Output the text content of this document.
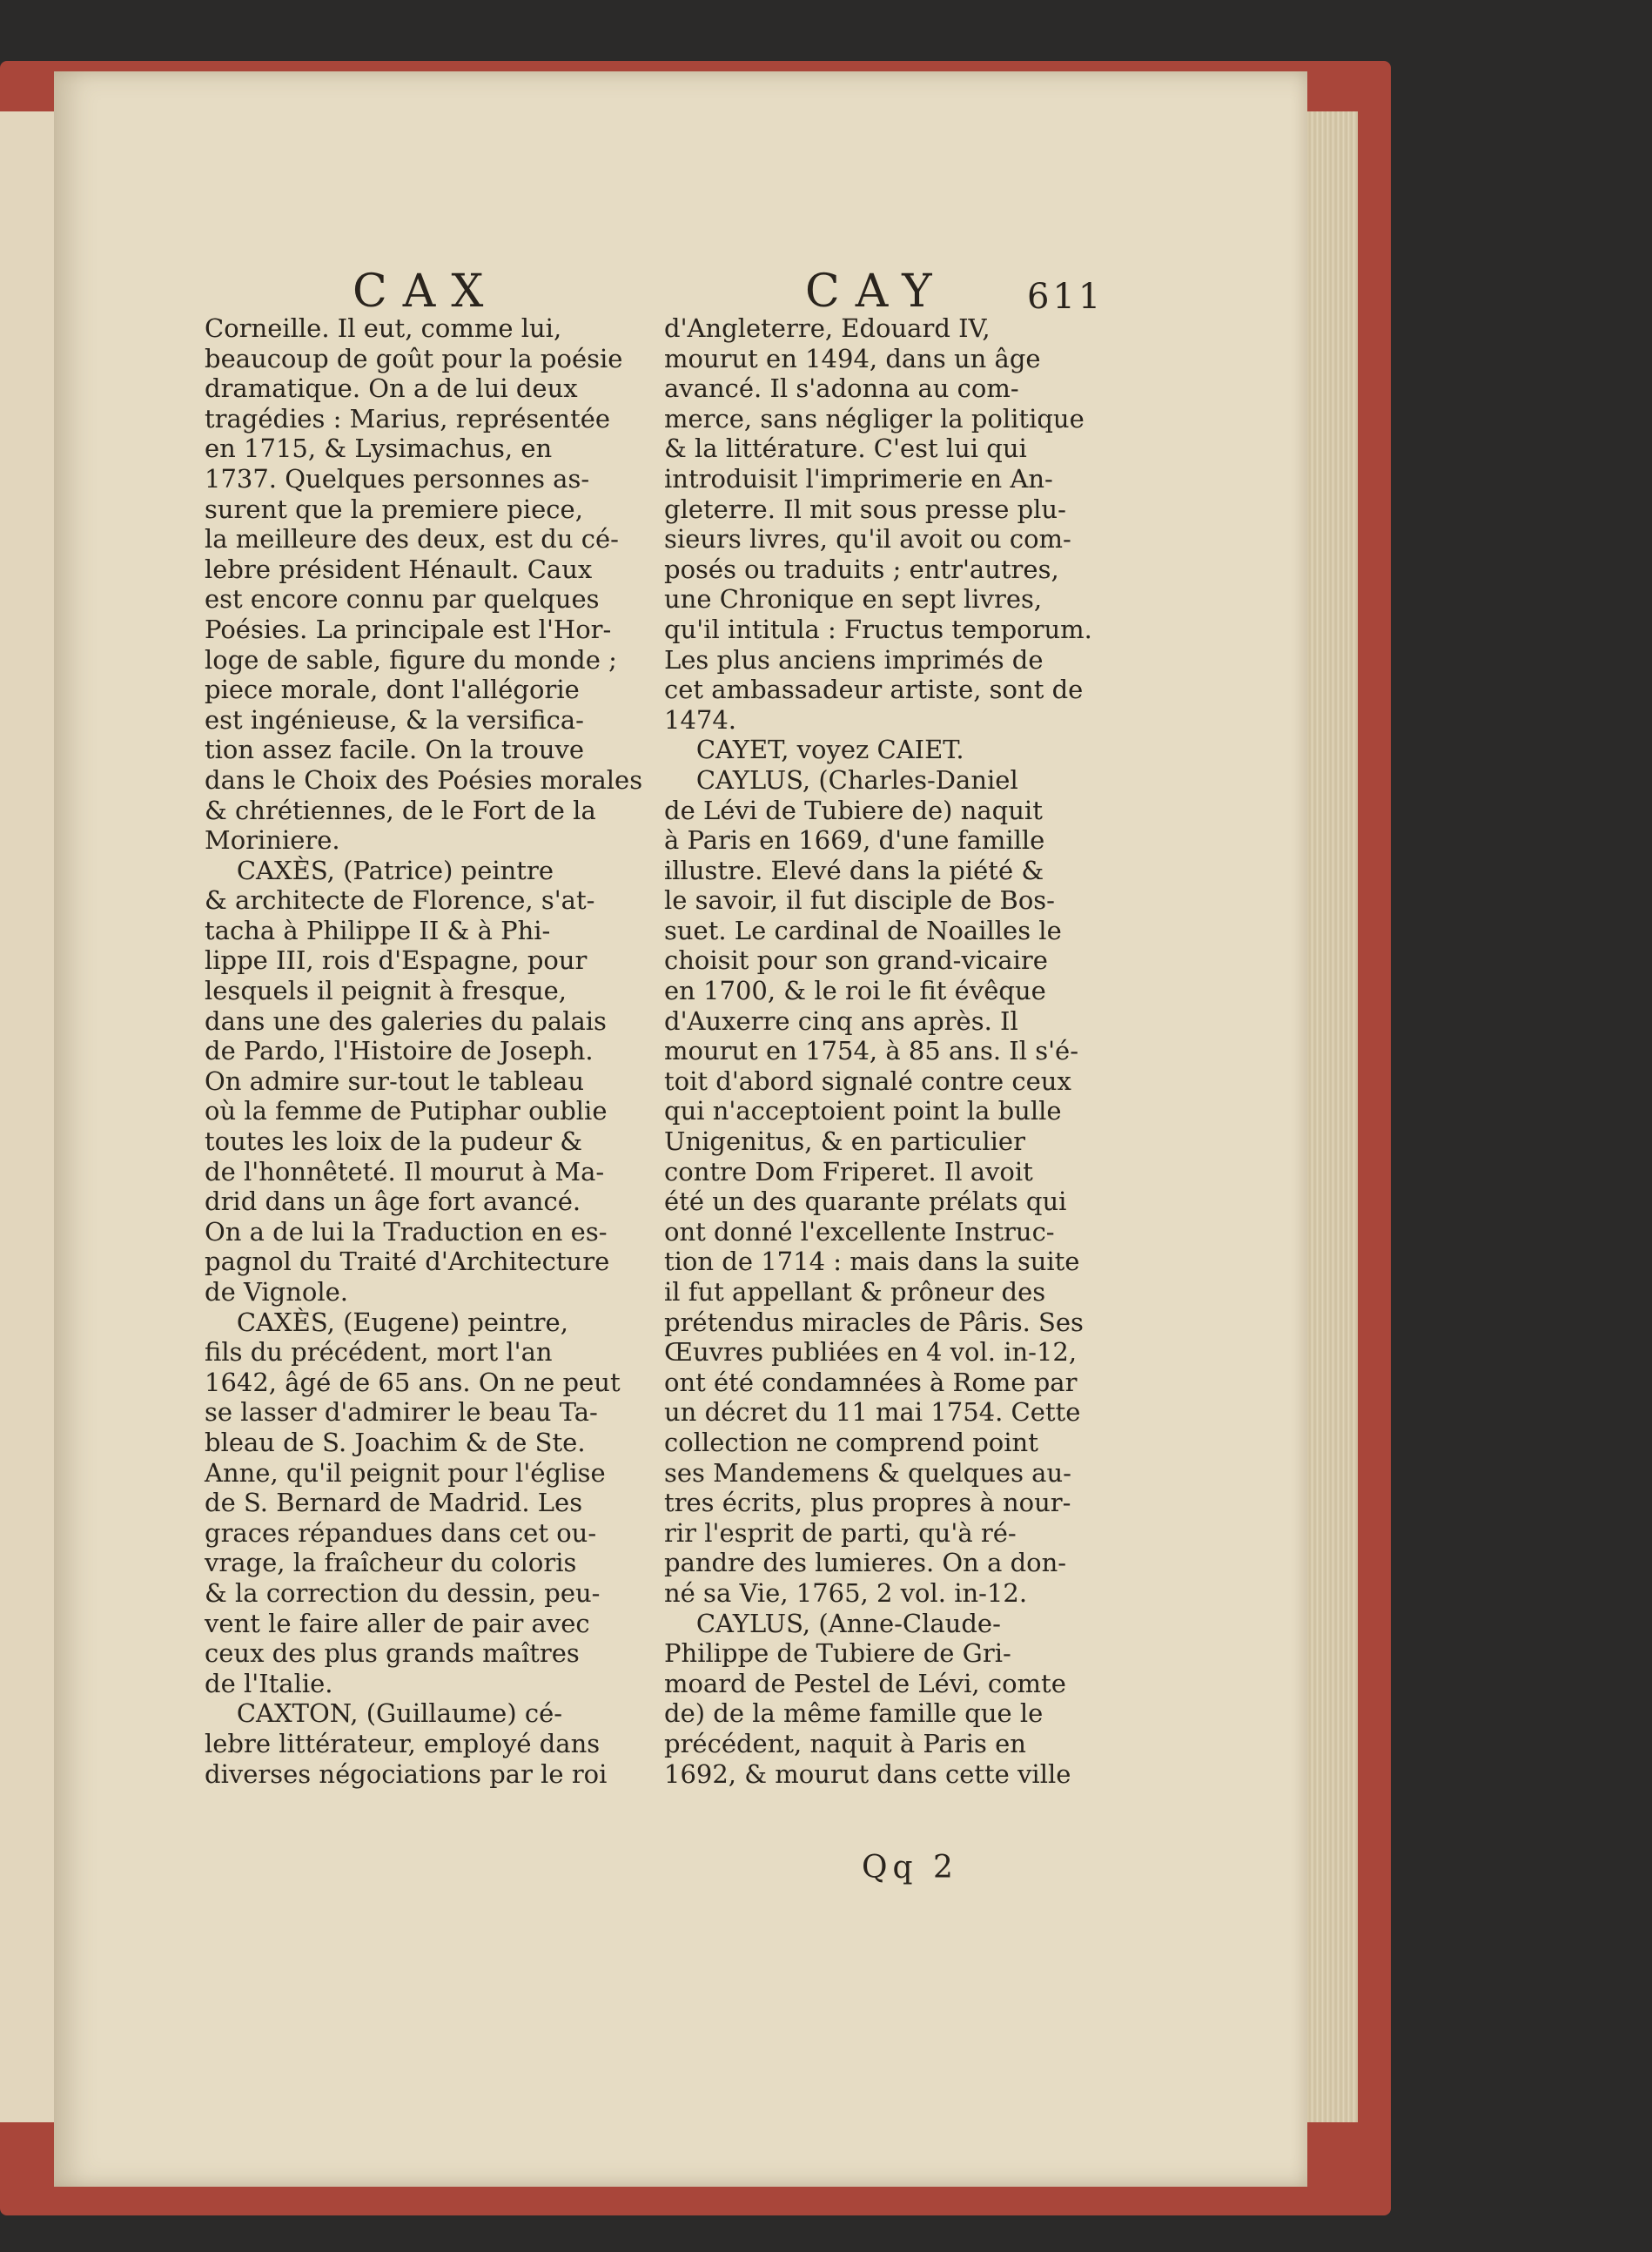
CAX	CAY 611
Corneille. Il eut, comme lui,
beaucoup de goût pour la poésie
dramatique. On a de lui deux
tragédies : Marius, représentée
en 1715, & Lysimachus, en
1737. Quelques personnes as-
surent que la premiere piece,
la meilleure des deux, est du cé-
lebre président Hénault. Caux
est encore connu par quelques
Poésies. La principale est l'Hor-
loge de sable, figure du monde ;
piece morale, dont l'allégorie
est ingénieuse, & la versifica-
tion assez facile. On la trouve
dans le Choix des Poésies morales
& chrétiennes, de le Fort de la
Moriniere.
CAXÈS, (Patrice) peintre
& architecte de Florence, s'at-
tacha à Philippe II & à Phi-
lippe III, rois d'Espagne, pour
lesquels il peignit à fresque,
dans une des galeries du palais
de Pardo, l'Histoire de Joseph.
On admire sur-tout le tableau
où la femme de Putiphar oublie
toutes les loix de la pudeur &
de l'honnêteté. Il mourut à Ma-
drid dans un âge fort avancé.
On a de lui la Traduction en es-
pagnol du Traité d'Architecture
de Vignole.
CAXÈS, (Eugene) peintre,
fils du précédent, mort l'an
1642, âgé de 65 ans. On ne peut
se lasser d'admirer le beau Ta-
bleau de S. Joachim & de Ste.
Anne, qu'il peignit pour l'église
de S. Bernard de Madrid. Les
graces répandues dans cet ou-
vrage, la fraîcheur du coloris
& la correction du dessin, peu-
vent le faire aller de pair avec
ceux des plus grands maîtres
de l'Italie.
CAXTON, (Guillaume) cé-
lebre littérateur, employé dans
diverses négociations par le roi
d'Angleterre, Edouard IV,
mourut en 1494, dans un âge
avancé. Il s'adonna au com-
merce, sans négliger la politique
& la littérature. C'est lui qui
introduisit l'imprimerie en An-
gleterre. Il mit sous presse plu-
sieurs livres, qu'il avoit ou com-
posés ou traduits ; entr'autres,
une Chronique en sept livres,
qu'il intitula : Fructus temporum.
Les plus anciens imprimés de
cet ambassadeur artiste, sont de
1474.
CAYET, voyez CAIET.
CAYLUS, (Charles-Daniel
de Lévi de Tubiere de) naquit
à Paris en 1669, d'une famille
illustre. Elevé dans la piété &
le savoir, il fut disciple de Bos-
suet. Le cardinal de Noailles le
choisit pour son grand-vicaire
en 1700, & le roi le fit évêque
d'Auxerre cinq ans après. Il
mourut en 1754, à 85 ans. Il s'é-
toit d'abord signalé contre ceux
qui n'acceptoient point la bulle
Unigenitus, & en particulier
contre Dom Friperet. Il avoit
été un des quarante prélats qui
ont donné l'excellente Instruc-
tion de 1714 : mais dans la suite
il fut appellant & prôneur des
prétendus miracles de Pâris. Ses
Œuvres publiées en 4 vol. in-12,
ont été condamnées à Rome par
un décret du 11 mai 1754. Cette
collection ne comprend point
ses Mandemens & quelques au-
tres écrits, plus propres à nour-
rir l'esprit de parti, qu'à ré-
pandre des lumieres. On a don-
né sa Vie, 1765, 2 vol. in-12.
CAYLUS, (Anne-Claude-
Philippe de Tubiere de Gri-
moard de Pestel de Lévi, comte
de) de la même famille que le
précédent, naquit à Paris en
1692, & mourut dans cette ville
Qq 2
